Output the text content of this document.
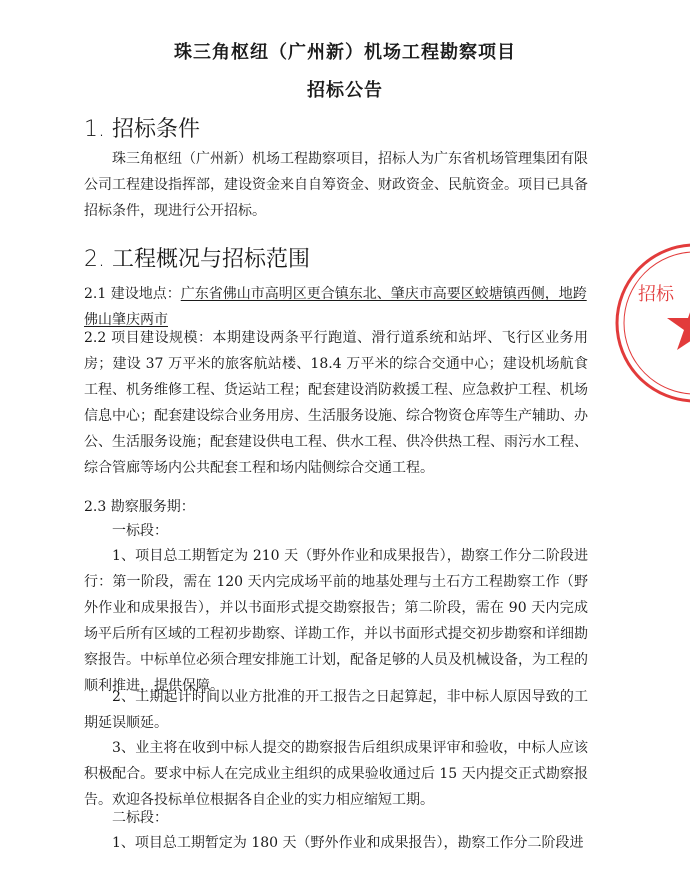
珠三角枢纽（广州新）机场工程勘察项目
招标公告
1. 招标条件

珠三角枢纽（广州新）机场工程勘察项目，招标人为广东省机场管理集团有限公司工程建设指挥部，建设资金来自自筹资金、财政资金、民航资金。项目已具备招标条件，现进行公开招标。

2. 工程概况与招标范围

2.1 建设地点：广东省佛山市高明区更合镇东北、肇庆市高要区蛟塘镇西侧，地跨佛山肇庆两市

2.2 项目建设规模：本期建设两条平行跑道、滑行道系统和站坪、飞行区业务用房；建设 37 万平米的旅客航站楼、18.4 万平米的综合交通中心；建设机场航食工程、机务维修工程、货运站工程；配套建设消防救援工程、应急救护工程、机场信息中心；配套建设综合业务用房、生活服务设施、综合物资仓库等生产辅助、办公、生活服务设施；配套建设供电工程、供水工程、供冷供热工程、雨污水工程、综合管廊等场内公共配套工程和场内陆侧综合交通工程。

2.3 勘察服务期：

一标段：

1、项目总工期暂定为 210 天（野外作业和成果报告），勘察工作分二阶段进行：第一阶段，需在 120 天内完成场平前的地基处理与土石方工程勘察工作（野外作业和成果报告），并以书面形式提交勘察报告；第二阶段，需在 90 天内完成场平后所有区域的工程初步勘察、详勘工作，并以书面形式提交初步勘察和详细勘察报告。中标单位必须合理安排施工计划，配备足够的人员及机械设备，为工程的顺利推进，提供保障。

2、工期起计时间以业方批准的开工报告之日起算起，非中标人原因导致的工期延误顺延。

3、业主将在收到中标人提交的勘察报告后组织成果评审和验收，中标人应该积极配合。要求中标人在完成业主组织的成果验收通过后 15 天内提交正式勘察报告。欢迎各投标单位根据各自企业的实力相应缩短工期。

二标段：

1、项目总工期暂定为 180 天（野外作业和成果报告），勘察工作分二阶段进

招标
